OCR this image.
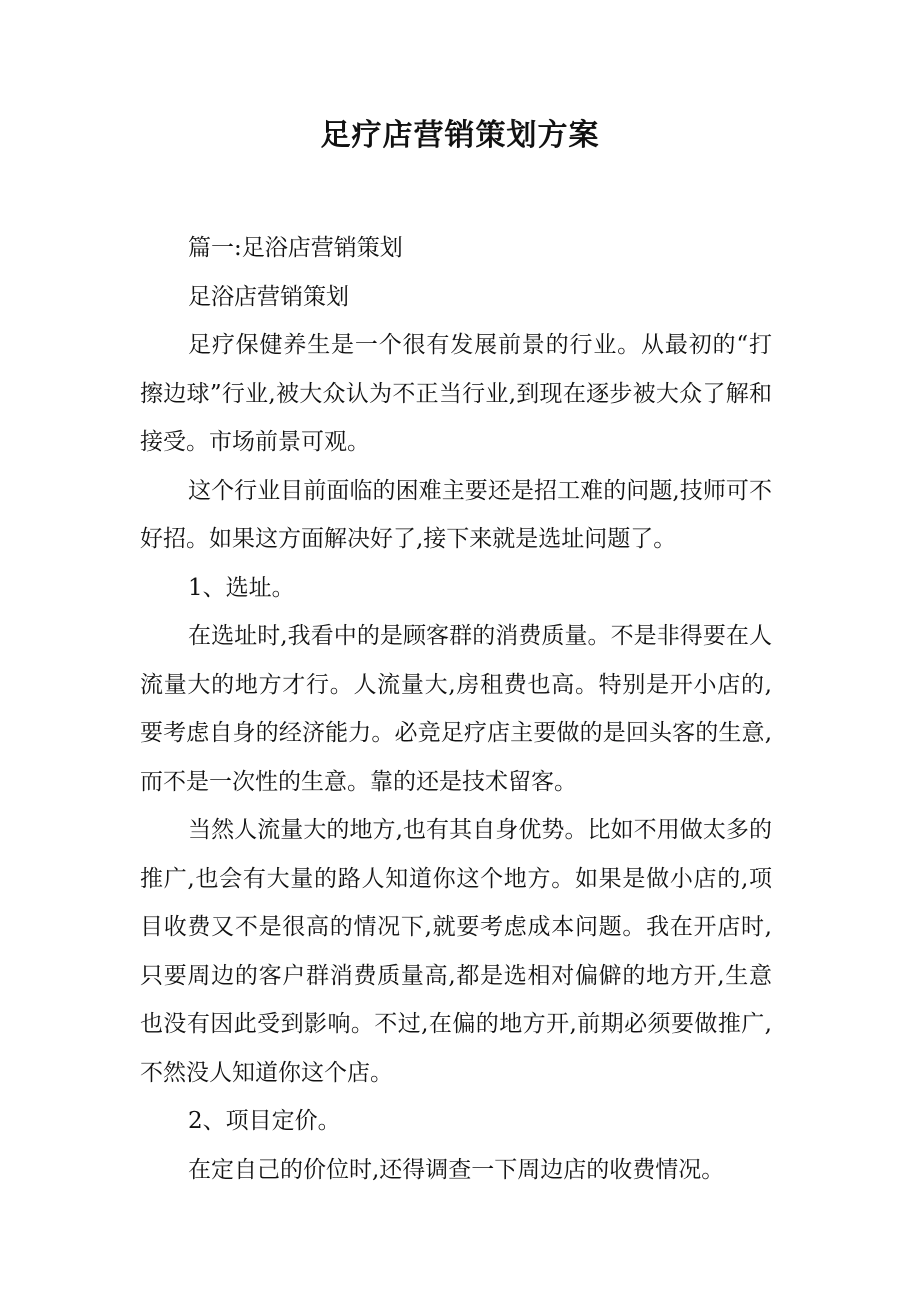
足疗店营销策划方案

篇一:足浴店营销策划

足浴店营销策划

足疗保健养生是一个很有发展前景的行业。从最初的“打擦边球”行业,被大众认为不正当行业,到现在逐步被大众了解和接受。市场前景可观。

这个行业目前面临的困难主要还是招工难的问题,技师可不好招。如果这方面解决好了,接下来就是选址问题了。

1、选址。

在选址时,我看中的是顾客群的消费质量。不是非得要在人流量大的地方才行。人流量大,房租费也高。特别是开小店的,要考虑自身的经济能力。必竞足疗店主要做的是回头客的生意,而不是一次性的生意。靠的还是技术留客。

当然人流量大的地方,也有其自身优势。比如不用做太多的推广,也会有大量的路人知道你这个地方。如果是做小店的,项目收费又不是很高的情况下,就要考虑成本问题。我在开店时,只要周边的客户群消费质量高,都是选相对偏僻的地方开,生意也没有因此受到影响。不过,在偏的地方开,前期必须要做推广,不然没人知道你这个店。

2、项目定价。

在定自己的价位时,还得调查一下周边店的收费情况。
